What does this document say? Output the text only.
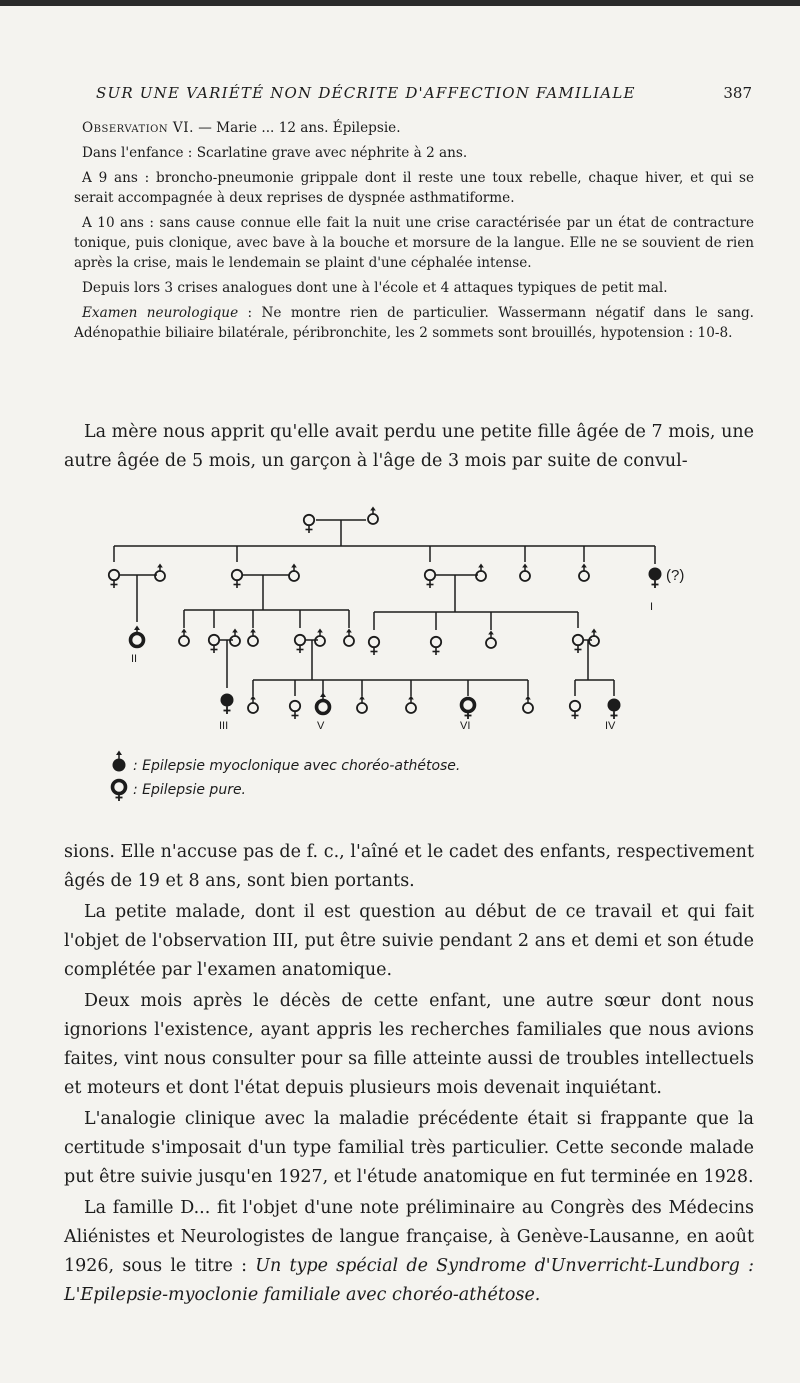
SUR UNE VARIÉTÉ NON DÉCRITE D'AFFECTION FAMILIALE	387

Observation VI. — Marie ... 12 ans. Épilepsie.

Dans l'enfance : Scarlatine grave avec néphrite à 2 ans.

A 9 ans : broncho-pneumonie grippale dont il reste une toux rebelle, chaque hiver, et qui se serait accompagnée à deux reprises de dyspnée asthmatiforme.

A 10 ans : sans cause connue elle fait la nuit une crise caractérisée par un état de contracture tonique, puis clonique, avec bave à la bouche et morsure de la langue. Elle ne se souvient de rien après la crise, mais le lendemain se plaint d'une céphalée intense.

Depuis lors 3 crises analogues dont une à l'école et 4 attaques typiques de petit mal.

Examen neurologique : Ne montre rien de particulier. Wassermann négatif dans le sang. Adénopathie biliaire bilatérale, péribronchite, les 2 sommets sont brouillés, hypotension : 10-8.

La mère nous apprit qu'elle avait perdu une petite fille âgée de 7 mois, une autre âgée de 5 mois, un garçon à l'âge de 3 mois par suite de convul-

(?)
I
II
III	V	VI	IV
: Epilepsie myoclonique avec choréo-athétose.
: Epilepsie pure.

sions. Elle n'accuse pas de f. c., l'aîné et le cadet des enfants, respectivement âgés de 19 et 8 ans, sont bien portants.

La petite malade, dont il est question au début de ce travail et qui fait l'objet de l'observation III, put être suivie pendant 2 ans et demi et son étude complétée par l'examen anatomique.

Deux mois après le décès de cette enfant, une autre sœur dont nous ignorions l'existence, ayant appris les recherches familiales que nous avions faites, vint nous consulter pour sa fille atteinte aussi de troubles intellectuels et moteurs et dont l'état depuis plusieurs mois devenait inquiétant.

L'analogie clinique avec la maladie précédente était si frappante que la certitude s'imposait d'un type familial très particulier. Cette seconde malade put être suivie jusqu'en 1927, et l'étude anatomique en fut terminée en 1928.

La famille D... fit l'objet d'une note préliminaire au Congrès des Médecins Aliénistes et Neurologistes de langue française, à Genève-Lausanne, en août 1926, sous le titre : Un type spécial de Syndrome d'Unverricht-Lundborg : L'Epilepsie-myoclonie familiale avec choréo-athétose.
